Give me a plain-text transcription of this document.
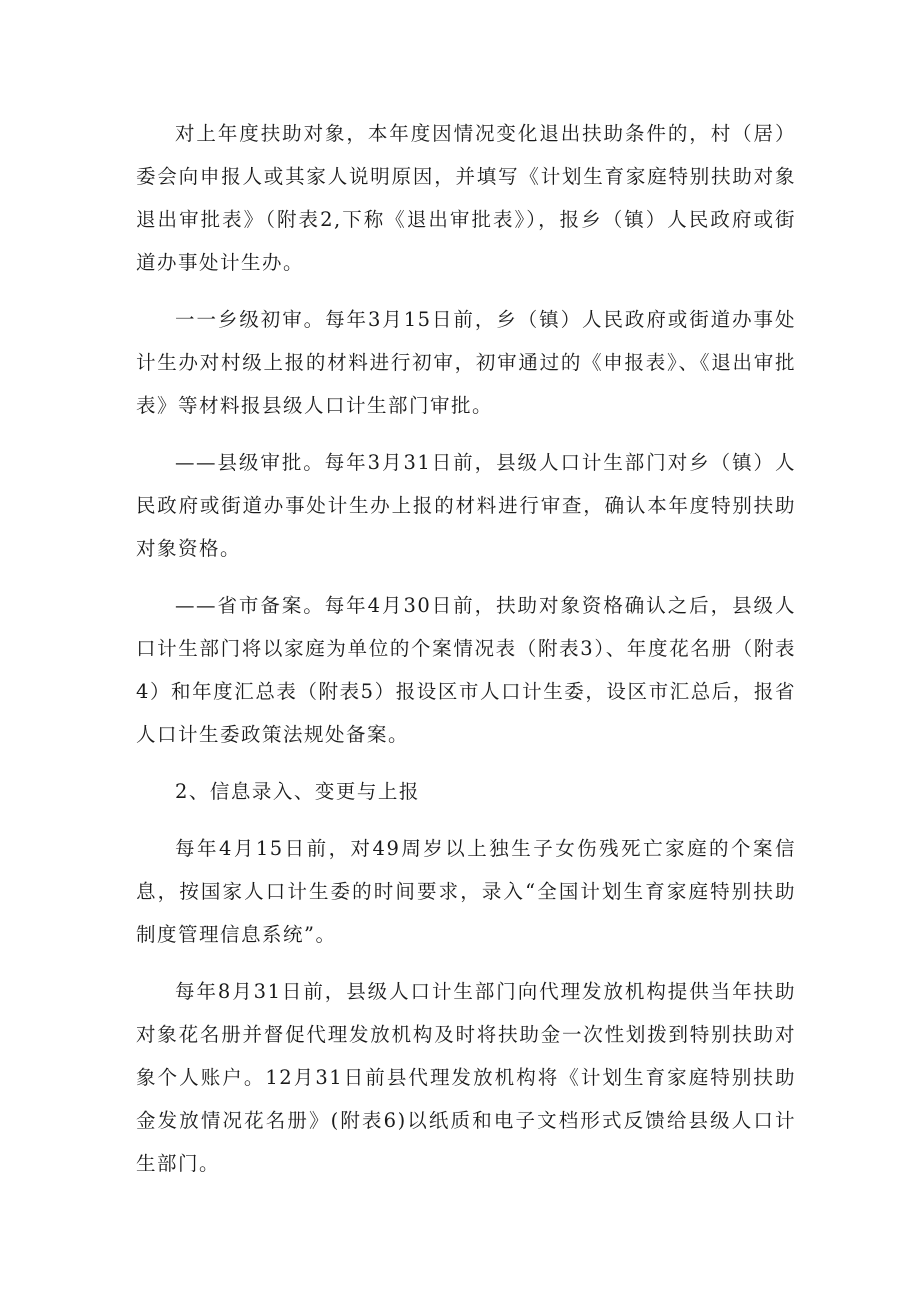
对上年度扶助对象，本年度因情况变化退出扶助条件的，村（居）委会向申报人或其家人说明原因，并填写《计划生育家庭特别扶助对象退出审批表》（附表2,下称《退出审批表》），报乡（镇）人民政府或街道办事处计生办。

一一乡级初审。每年3月15日前，乡（镇）人民政府或街道办事处计生办对村级上报的材料进行初审，初审通过的《申报表》、《退出审批表》等材料报县级人口计生部门审批。

——县级审批。每年3月31日前，县级人口计生部门对乡（镇）人民政府或街道办事处计生办上报的材料进行审查，确认本年度特别扶助对象资格。

——省市备案。每年4月30日前，扶助对象资格确认之后，县级人口计生部门将以家庭为单位的个案情况表（附表3）、年度花名册（附表4）和年度汇总表（附表5）报设区市人口计生委，设区市汇总后，报省人口计生委政策法规处备案。

2、信息录入、变更与上报

每年4月15日前，对49周岁以上独生子女伤残死亡家庭的个案信息，按国家人口计生委的时间要求，录入“全国计划生育家庭特别扶助制度管理信息系统”。

每年8月31日前，县级人口计生部门向代理发放机构提供当年扶助对象花名册并督促代理发放机构及时将扶助金一次性划拨到特别扶助对象个人账户。12月31日前县代理发放机构将《计划生育家庭特别扶助金发放情况花名册》(附表6)以纸质和电子文档形式反馈给县级人口计生部门。
